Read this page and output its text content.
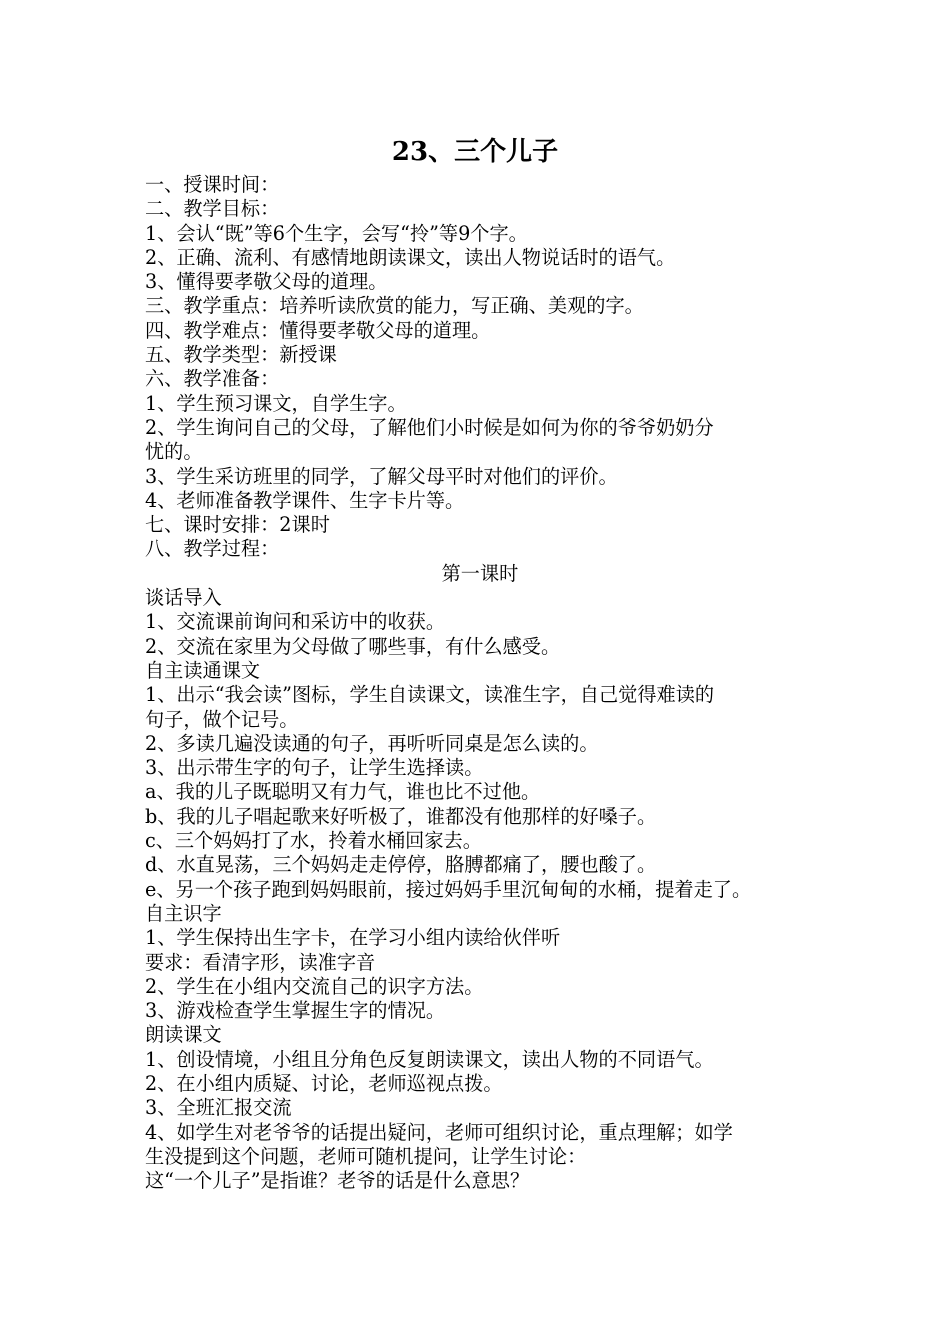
23、三个儿子

一、授课时间：

二、教学目标：

1、会认“既”等6个生字，会写“拎”等9个字。

2、正确、流利、有感情地朗读课文，读出人物说话时的语气。

3、懂得要孝敬父母的道理。

三、教学重点：培养听读欣赏的能力，写正确、美观的字。

四、教学难点：懂得要孝敬父母的道理。

五、教学类型：新授课

六、教学准备：

1、学生预习课文，自学生字。

2、学生询问自己的父母，了解他们小时候是如何为你的爷爷奶奶分

忧的。

3、学生采访班里的同学，了解父母平时对他们的评价。

4、老师准备教学课件、生字卡片等。

七、课时安排：2课时

八、教学过程：

第一课时

谈话导入

1、交流课前询问和采访中的收获。

2、交流在家里为父母做了哪些事，有什么感受。

自主读通课文

1、出示“我会读”图标，学生自读课文，读准生字，自己觉得难读的

句子，做个记号。

2、多读几遍没读通的句子，再听听同桌是怎么读的。

3、出示带生字的句子，让学生选择读。

a、我的儿子既聪明又有力气，谁也比不过他。

b、我的儿子唱起歌来好听极了，谁都没有他那样的好嗓子。

c、三个妈妈打了水，拎着水桶回家去。

d、水直晃荡，三个妈妈走走停停，胳膊都痛了，腰也酸了。

e、另一个孩子跑到妈妈眼前，接过妈妈手里沉甸甸的水桶，提着走了。

自主识字

1、学生保持出生字卡，在学习小组内读给伙伴听

要求：看清字形，读准字音

2、学生在小组内交流自己的识字方法。

3、游戏检查学生掌握生字的情况。

朗读课文

1、创设情境，小组且分角色反复朗读课文，读出人物的不同语气。

2、在小组内质疑、讨论，老师巡视点拨。

3、全班汇报交流

4、如学生对老爷爷的话提出疑问，老师可组织讨论，重点理解；如学

生没提到这个问题，老师可随机提问，让学生讨论：

这“一个儿子”是指谁？老爷的话是什么意思？
